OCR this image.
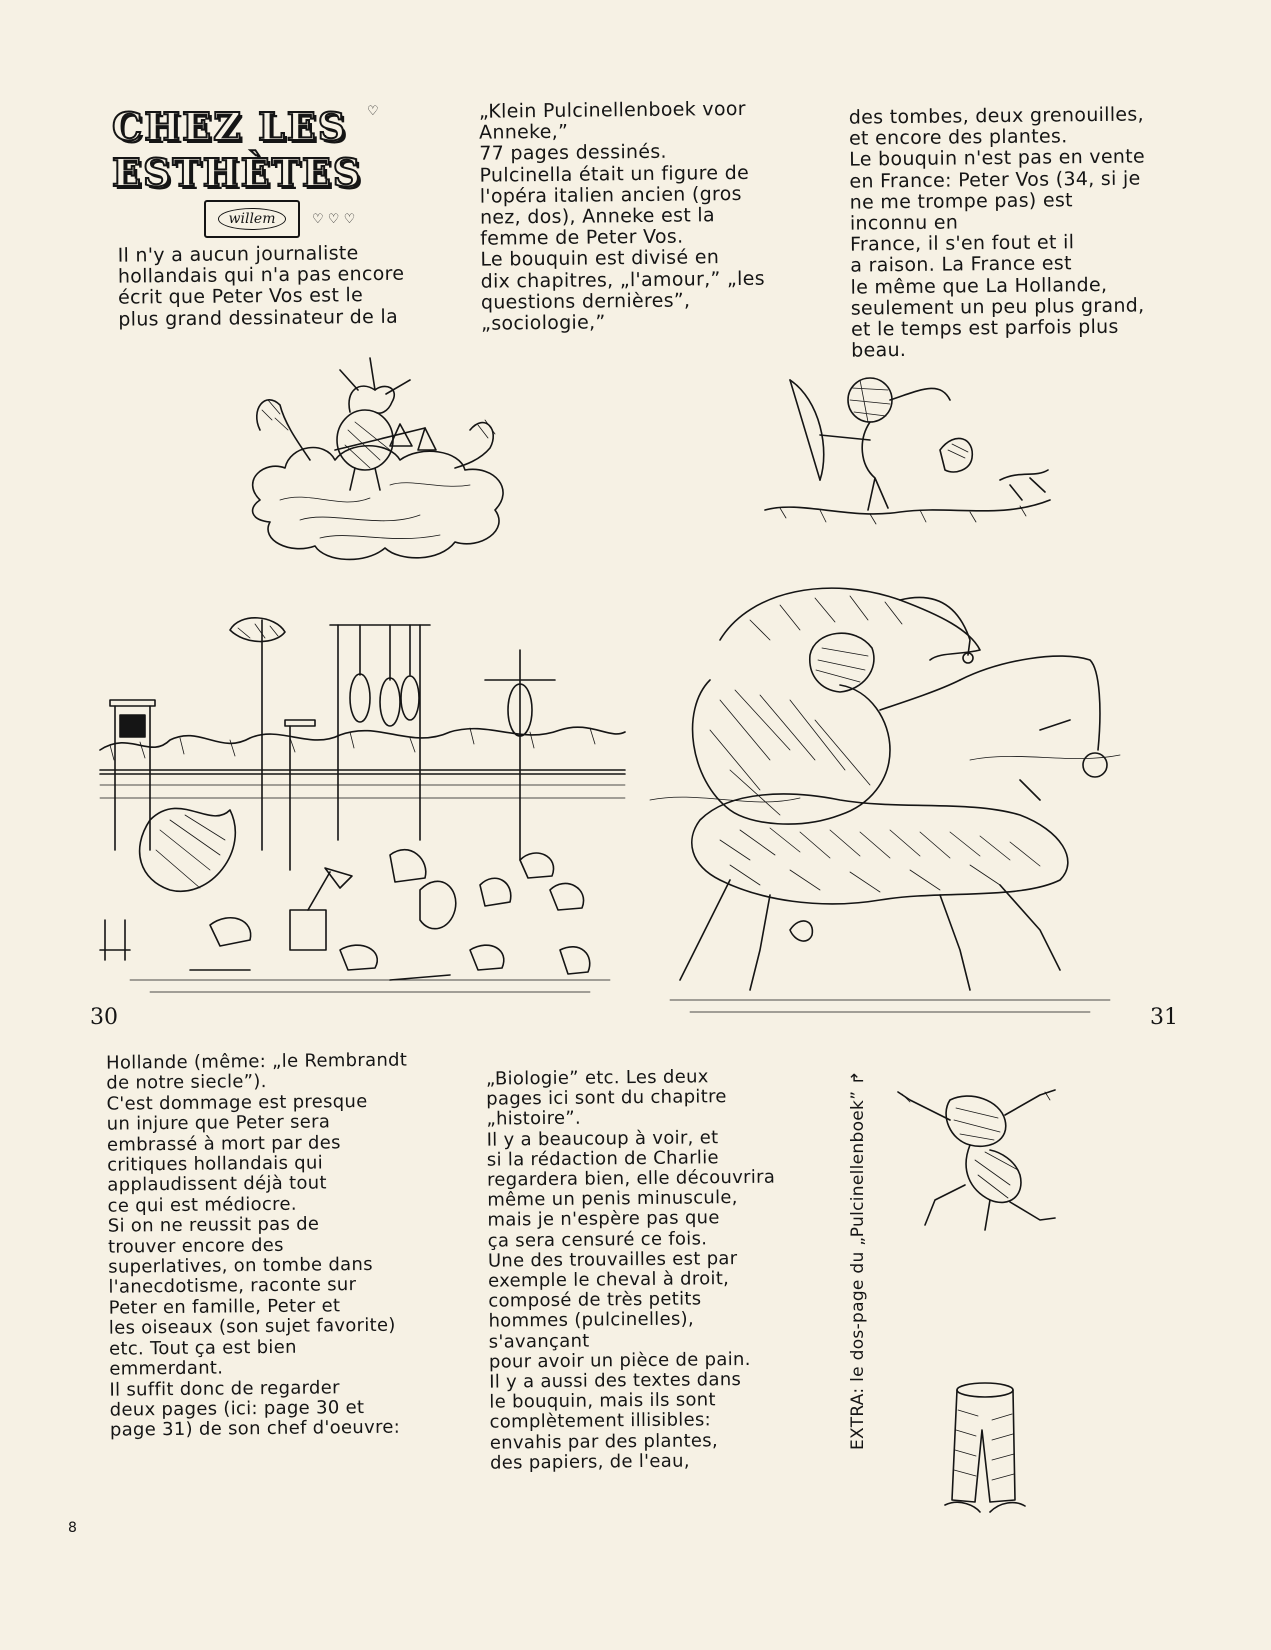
CHEZ LES
ESTHÈTES
willem
♡
♡ ♡ ♡

Il n'y a aucun journaliste
hollandais qui n'a pas encore
écrit que Peter Vos est le
plus grand dessinateur de la

„Klein Pulcinellenboek voor Anneke,”
77 pages dessinés.
Pulcinella était un figure de
l'opéra italien ancien (gros
nez, dos), Anneke est la
femme de Peter Vos.
Le bouquin est divisé en
dix chapitres, „l'amour,” „les
questions dernières”, „sociologie,”

des tombes, deux grenouilles,
et encore des plantes.
Le bouquin n'est pas en vente
en France: Peter Vos (34, si je
ne me trompe pas) est inconnu en
France, il s'en fout et il
a raison. La France est
le même que La Hollande,
seulement un peu plus grand,
et le temps est parfois plus beau.

Hollande (même: „le Rembrandt
de notre siecle”).
C'est dommage est presque
un injure que Peter sera
embrassé à mort par des
critiques hollandais qui
applaudissent déjà tout
ce qui est médiocre.
Si on ne reussit pas de
trouver encore des
superlatives, on tombe dans
l'anecdotisme, raconte sur
Peter en famille, Peter et
les oiseaux (son sujet favorite)
etc. Tout ça est bien
emmerdant.
Il suffit donc de regarder
deux pages (ici: page 30 et
page 31) de son chef d'oeuvre:

„Biologie” etc. Les deux
pages ici sont du chapitre
„histoire”.
Il y a beaucoup à voir, et
si la rédaction de Charlie
regardera bien, elle découvrira
même un penis minuscule,
mais je n'espère pas que
ça sera censuré ce fois.
Une des trouvailles est par
exemple le cheval à droit,
composé de très petits
hommes (pulcinelles), s'avançant
pour avoir un pièce de pain.
Il y a aussi des textes dans
le bouquin, mais ils sont
complètement illisibles:
envahis par des plantes,
des papiers, de l'eau,

EXTRA: le dos-page du „Pulcinellenboek” ↱
30	31
8
